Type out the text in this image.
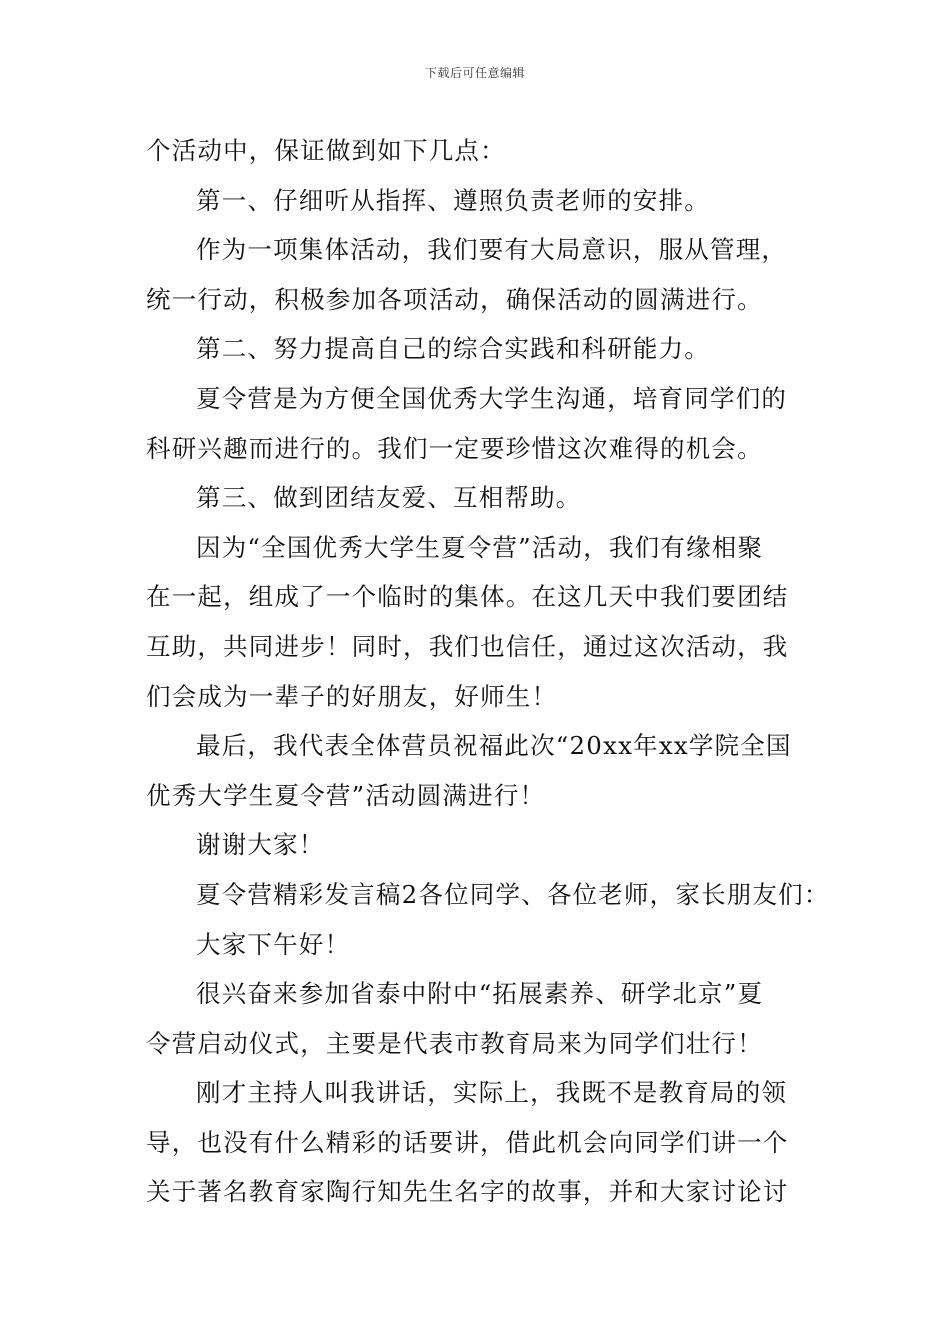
下载后可任意编辑
个活动中，保证做到如下几点：
第一、仔细听从指挥、遵照负责老师的安排。
作为一项集体活动，我们要有大局意识，服从管理，
统一行动，积极参加各项活动，确保活动的圆满进行。
第二、努力提高自己的综合实践和科研能力。
夏令营是为方便全国优秀大学生沟通，培育同学们的
科研兴趣而进行的。我们一定要珍惜这次难得的机会。
第三、做到团结友爱、互相帮助。
因为“全国优秀大学生夏令营”活动，我们有缘相聚
在一起，组成了一个临时的集体。在这几天中我们要团结
互助，共同进步！同时，我们也信任，通过这次活动，我
们会成为一辈子的好朋友，好师生！
最后，我代表全体营员祝福此次“20xx年xx学院全国
优秀大学生夏令营”活动圆满进行！
谢谢大家！
夏令营精彩发言稿2各位同学、各位老师，家长朋友们：
大家下午好！
很兴奋来参加省泰中附中“拓展素养、研学北京”夏
令营启动仪式，主要是代表市教育局来为同学们壮行！
刚才主持人叫我讲话，实际上，我既不是教育局的领
导，也没有什么精彩的话要讲，借此机会向同学们讲一个
关于著名教育家陶行知先生名字的故事，并和大家讨论讨
